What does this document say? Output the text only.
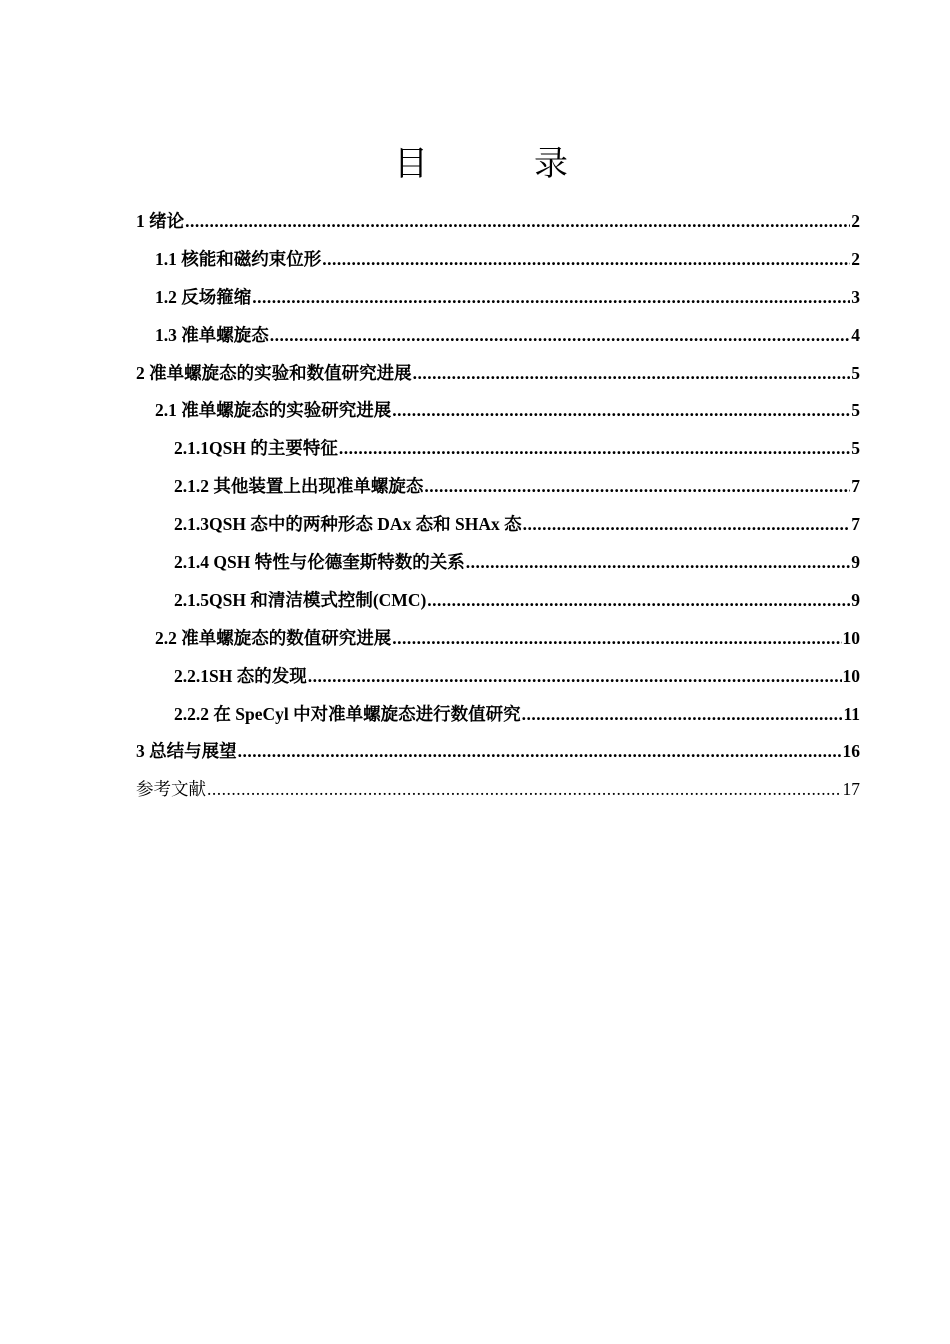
目　录
1 绪论 .....	2
1.1 核能和磁约束位形 .....	2
1.2 反场箍缩 .....	3
1.3 准单螺旋态 .....	4
2 准单螺旋态的实验和数值研究进展 .....	5
2.1 准单螺旋态的实验研究进展 .....	5
2.1.1QSH 的主要特征 .....	5
2.1.2 其他装置上出现准单螺旋态 .....	7
2.1.3QSH 态中的两种形态 DAx 态和 SHAx 态 .....	7
2.1.4 QSH 特性与伦德奎斯特数的关系 .....	9
2.1.5QSH 和清洁模式控制(CMC) .....	9
2.2 准单螺旋态的数值研究进展 .....	10
2.2.1SH 态的发现 .....	10
2.2.2 在 SpeCyl 中对准单螺旋态进行数值研究 .....	11
3 总结与展望 .....	16
参考文献 .....	17
